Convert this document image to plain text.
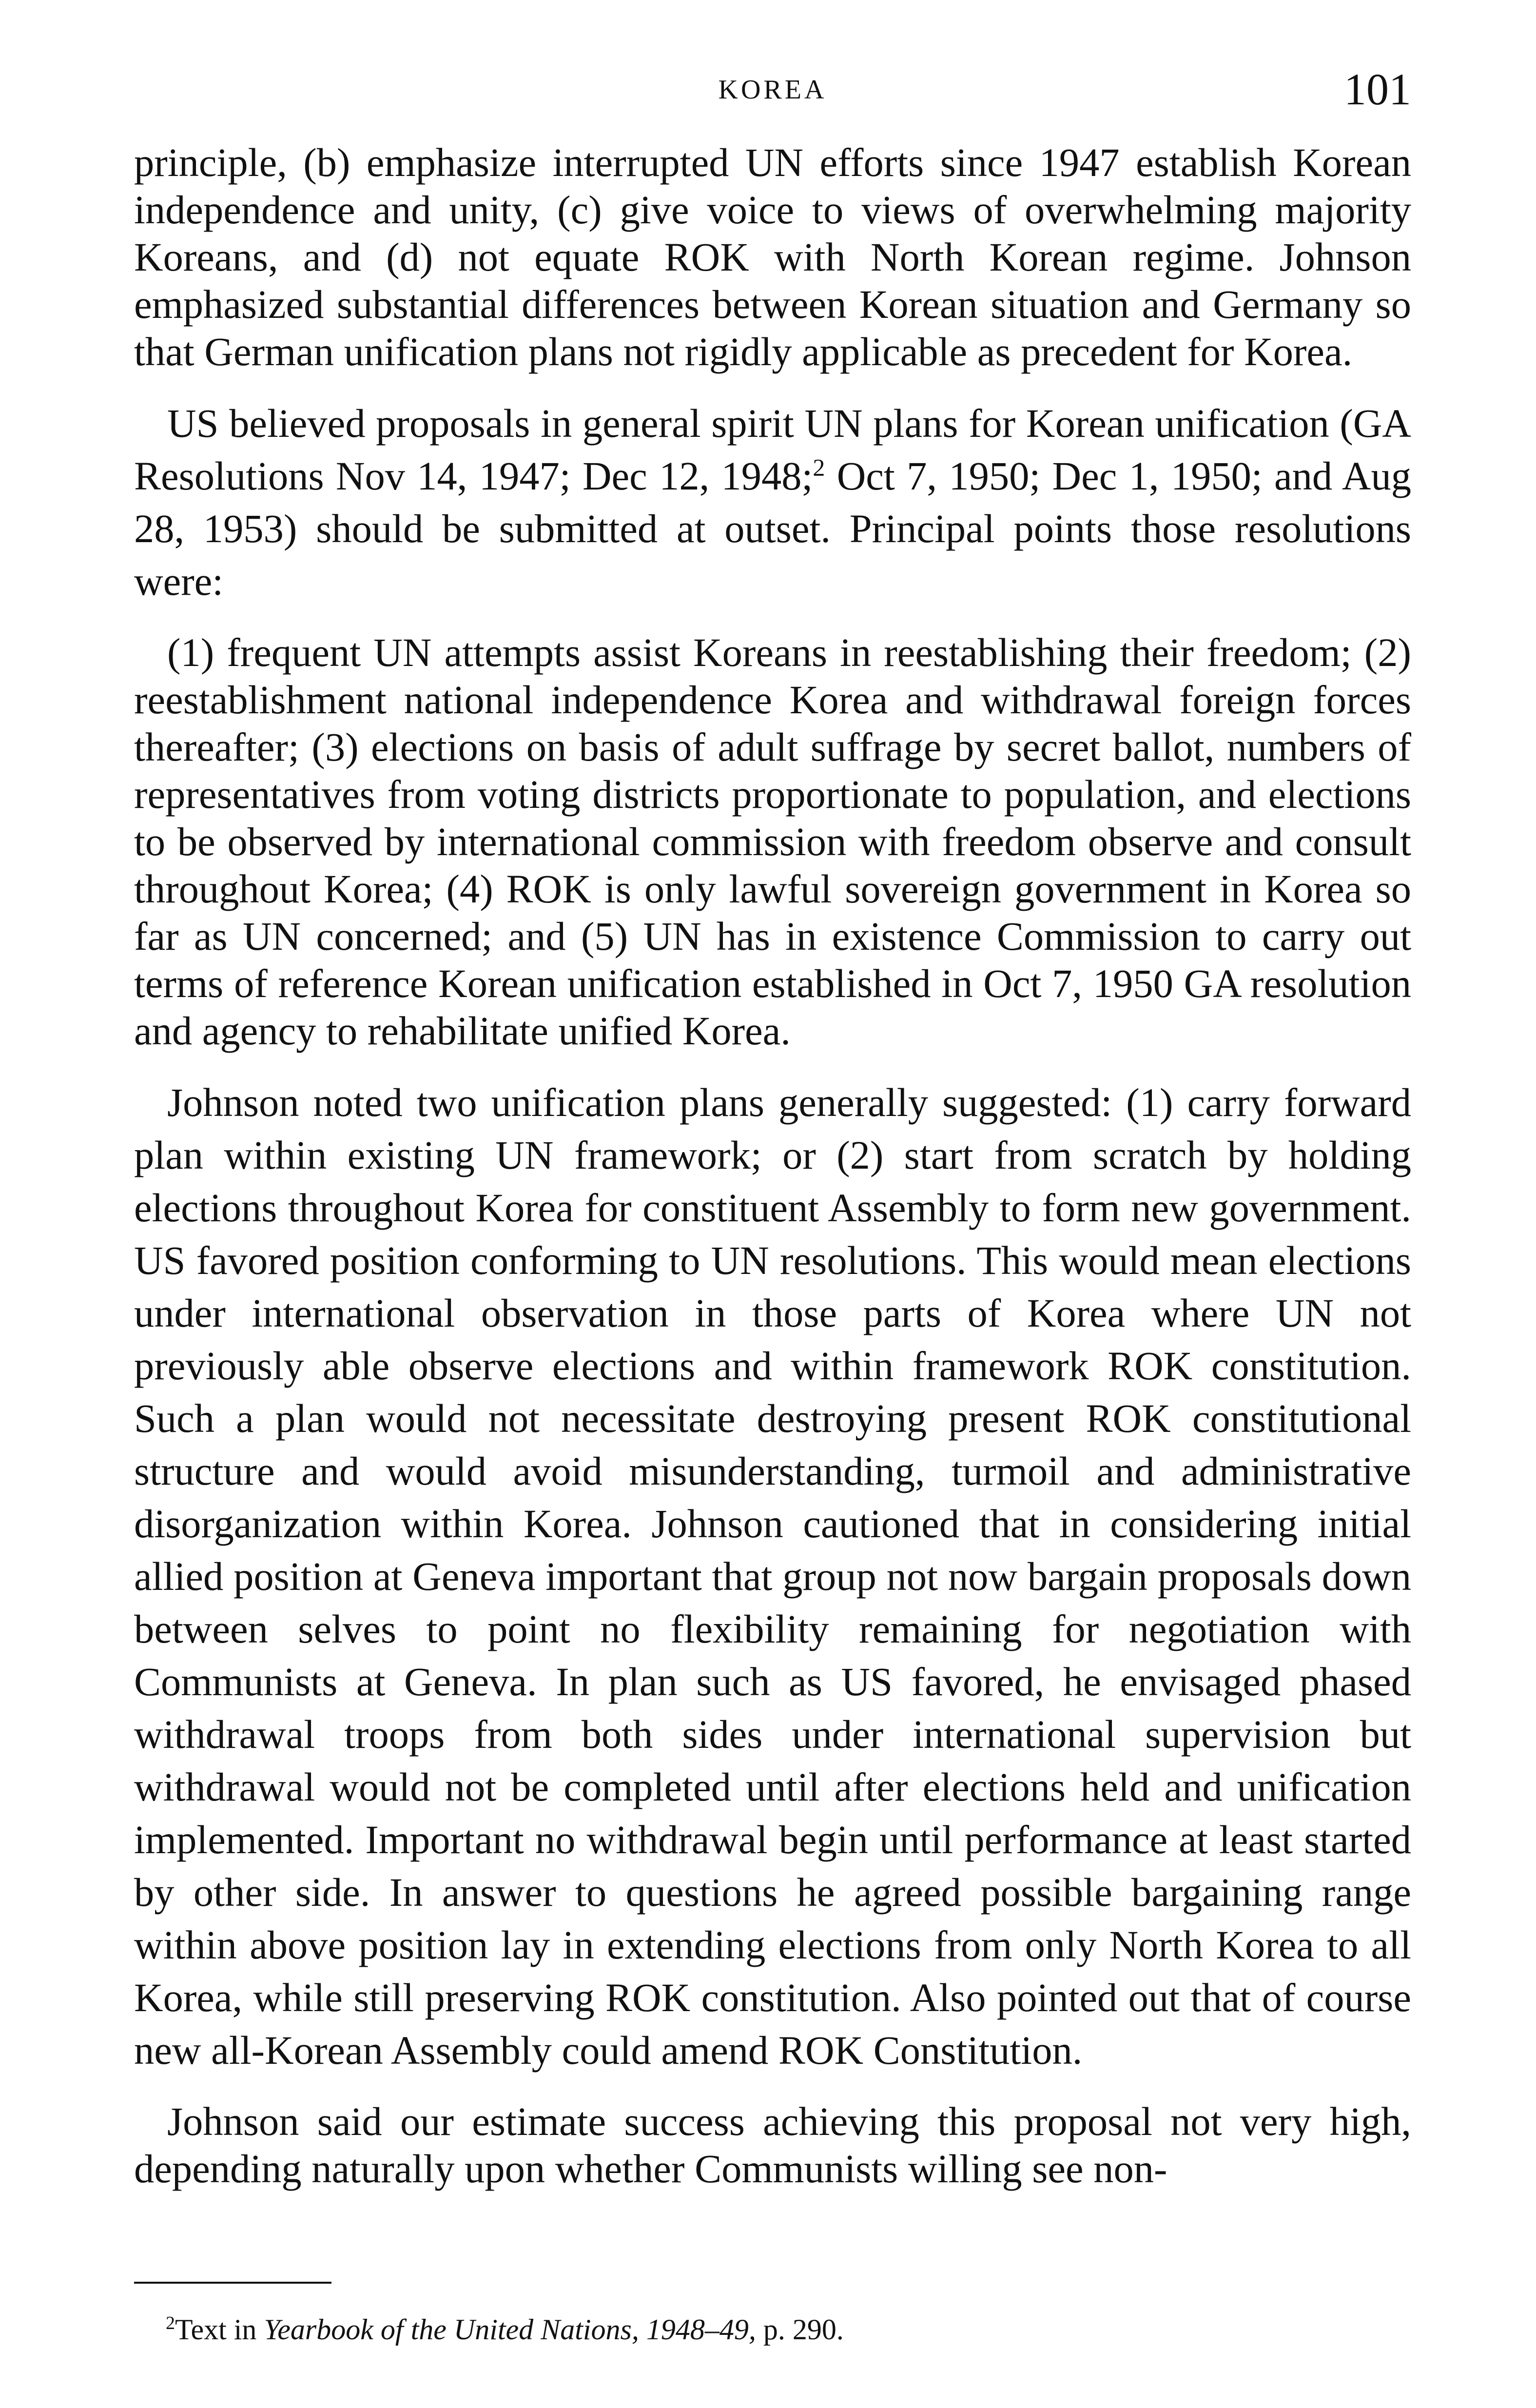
KOREA	101

principle, (b) emphasize interrupted UN efforts since 1947 establish Korean independence and unity, (c) give voice to views of overwhelming majority Koreans, and (d) not equate ROK with North Korean regime. Johnson emphasized substantial differences between Korean situation and Germany so that German unification plans not rigidly applicable as precedent for Korea.

US believed proposals in general spirit UN plans for Korean unification (GA Resolutions Nov 14, 1947; Dec 12, 1948;$^2$ Oct 7, 1950; Dec 1, 1950; and Aug 28, 1953) should be submitted at outset. Principal points those resolutions were:

(1) frequent UN attempts assist Koreans in reestablishing their freedom; (2) reestablishment national independence Korea and withdrawal foreign forces thereafter; (3) elections on basis of adult suffrage by secret ballot, numbers of representatives from voting districts proportionate to population, and elections to be observed by international commission with freedom observe and consult throughout Korea; (4) ROK is only lawful sovereign government in Korea so far as UN concerned; and (5) UN has in existence Commission to carry out terms of reference Korean unification established in Oct 7, 1950 GA resolution and agency to rehabilitate unified Korea.

Johnson noted two unification plans generally suggested: (1) carry forward plan within existing UN framework; or (2) start from scratch by holding elections throughout Korea for constituent Assembly to form new government. US favored position conforming to UN resolutions. This would mean elections under international observation in those parts of Korea where UN not previously able observe elections and within framework ROK constitution. Such a plan would not necessitate destroying present ROK constitutional structure and would avoid misunderstanding, turmoil and administrative disorganization within Korea. Johnson cautioned that in considering initial allied position at Geneva important that group not now bargain proposals down between selves to point no flexibility remaining for negotiation with Communists at Geneva. In plan such as US favored, he envisaged phased withdrawal troops from both sides under international supervision but withdrawal would not be completed until after elections held and unification implemented. Important no withdrawal begin until performance at least started by other side. In answer to questions he agreed possible bargaining range within above position lay in extending elections from only North Korea to all Korea, while still preserving ROK constitution. Also pointed out that of course new all-Korean Assembly could amend ROK Constitution.

Johnson said our estimate success achieving this proposal not very high, depending naturally upon whether Communists willing see non-

$^2$Text in Yearbook of the United Nations, 1948–49, p. 290.
